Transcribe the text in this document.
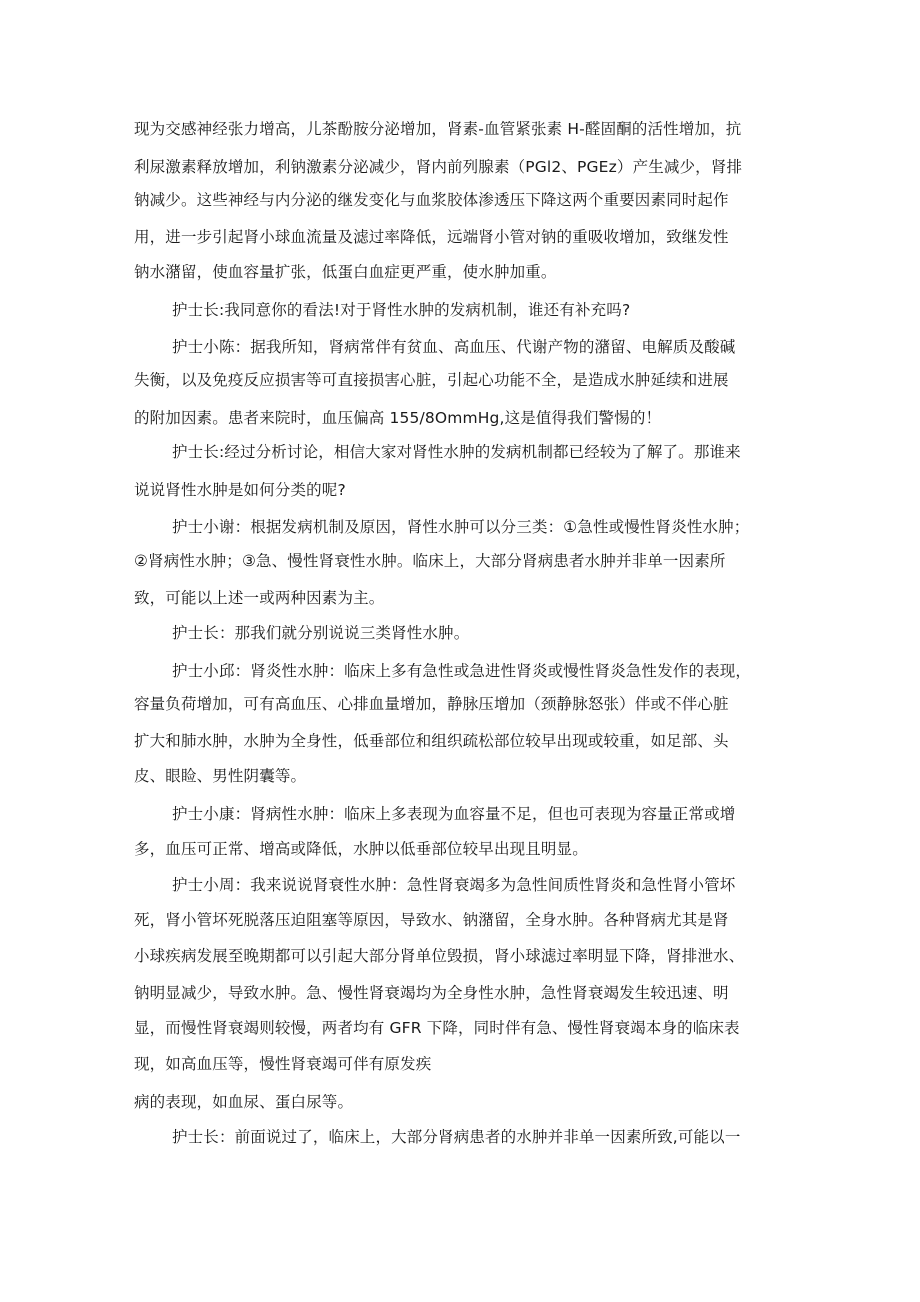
现为交感神经张力增高，儿茶酚胺分泌增加，肾素-血管紧张素 H-醛固酮的活性增加，抗
利尿激素释放增加，利钠激素分泌减少，肾内前列腺素（PGl2、PGEz）产生减少，肾排
钠减少。这些神经与内分泌的继发变化与血浆胶体渗透压下降这两个重要因素同时起作
用，进一步引起肾小球血流量及滤过率降低，远端肾小管对钠的重吸收增加，致继发性
钠水潴留，使血容量扩张，低蛋白血症更严重，使水肿加重。
护士长:我同意你的看法!对于肾性水肿的发病机制，谁还有补充吗?
护士小陈：据我所知，肾病常伴有贫血、高血压、代谢产物的潴留、电解质及酸碱
失衡，以及免疫反应损害等可直接损害心脏，引起心功能不全，是造成水肿延续和进展
的附加因素。患者来院时，血压偏高 155/8OmmHg,这是值得我们警惕的！
护士长:经过分析讨论，相信大家对肾性水肿的发病机制都已经较为了解了。那谁来
说说肾性水肿是如何分类的呢?
护士小谢：根据发病机制及原因，肾性水肿可以分三类：①急性或慢性肾炎性水肿；
②肾病性水肿；③急、慢性肾衰性水肿。临床上，大部分肾病患者水肿并非单一因素所
致，可能以上述一或两种因素为主。
护士长：那我们就分别说说三类肾性水肿。
护士小邱：肾炎性水肿：临床上多有急性或急进性肾炎或慢性肾炎急性发作的表现，
容量负荷增加，可有高血压、心排血量增加，静脉压增加（颈静脉怒张）伴或不伴心脏
扩大和肺水肿，水肿为全身性，低垂部位和组织疏松部位较早出现或较重，如足部、头
皮、眼睑、男性阴囊等。
护士小康：肾病性水肿：临床上多表现为血容量不足，但也可表现为容量正常或增
多，血压可正常、增高或降低，水肿以低垂部位较早出现且明显。
护士小周：我来说说肾衰性水肿：急性肾衰竭多为急性间质性肾炎和急性肾小管坏
死，肾小管坏死脱落压迫阻塞等原因，导致水、钠潴留，全身水肿。各种肾病尤其是肾
小球疾病发展至晚期都可以引起大部分肾单位毁损，肾小球滤过率明显下降，肾排泄水、
钠明显减少，导致水肿。急、慢性肾衰竭均为全身性水肿，急性肾衰竭发生较迅速、明
显，而慢性肾衰竭则较慢，两者均有 GFR 下降，同时伴有急、慢性肾衰竭本身的临床表
现，如高血压等，慢性肾衰竭可伴有原发疾
病的表现，如血尿、蛋白尿等。
护士长：前面说过了，临床上，大部分肾病患者的水肿并非单一因素所致,可能以一
